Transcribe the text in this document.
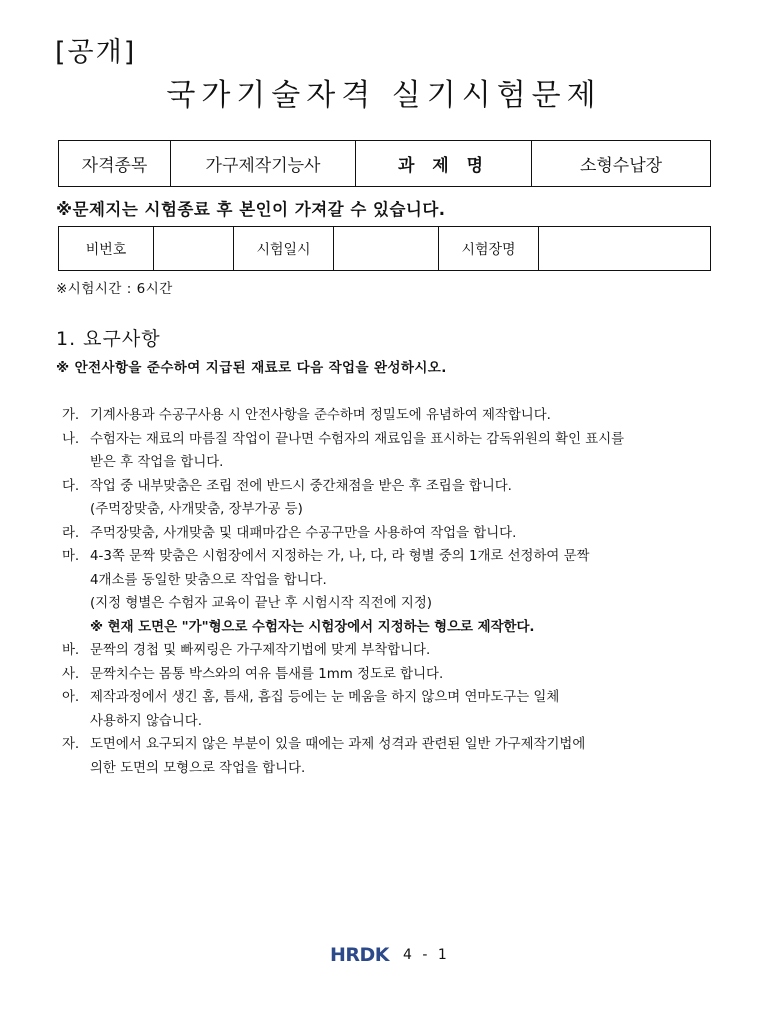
[공개]
국가기술자격 실기시험문제
자격종목	가구제작기능사	과 제 명	소형수납장
※문제지는 시험종료 후 본인이 가져갈 수 있습니다.
비번호		시험일시		시험장명	
※시험시간 : 6시간
1. 요구사항
※ 안전사항을 준수하여 지급된 재료로 다음 작업을 완성하시오.
가. 기계사용과 수공구사용 시 안전사항을 준수하며 정밀도에 유념하여 제작합니다.
나. 수험자는 재료의 마름질 작업이 끝나면 수험자의 재료임을 표시하는 감독위원의 확인 표시를
받은 후 작업을 합니다.
다. 작업 중 내부맞춤은 조립 전에 반드시 중간채점을 받은 후 조립을 합니다.
(주먹장맞춤, 사개맞춤, 장부가공 등)
라. 주먹장맞춤, 사개맞춤 및 대패마감은 수공구만을 사용하여 작업을 합니다.
마. 4-3쪽 문짝 맞춤은 시험장에서 지정하는 가, 나, 다, 라 형별 중의 1개로 선정하여 문짝
4개소를 동일한 맞춤으로 작업을 합니다.
(지정 형별은 수험자 교육이 끝난 후 시험시작 직전에 지정)
※ 현재 도면은 "가"형으로 수험자는 시험장에서 지정하는 형으로 제작한다.
바. 문짝의 경첩 및 빠찌링은 가구제작기법에 맞게 부착합니다.
사. 문짝치수는 몸통 박스와의 여유 틈새를 1mm 정도로 합니다.
아. 제작과정에서 생긴 홈, 틈새, 흠집 등에는 눈 메움을 하지 않으며 연마도구는 일체
사용하지 않습니다.
자. 도면에서 요구되지 않은 부분이 있을 때에는 과제 성격과 관련된 일반 가구제작기법에
의한 도면의 모형으로 작업을 합니다.
HRDK 4 - 1
